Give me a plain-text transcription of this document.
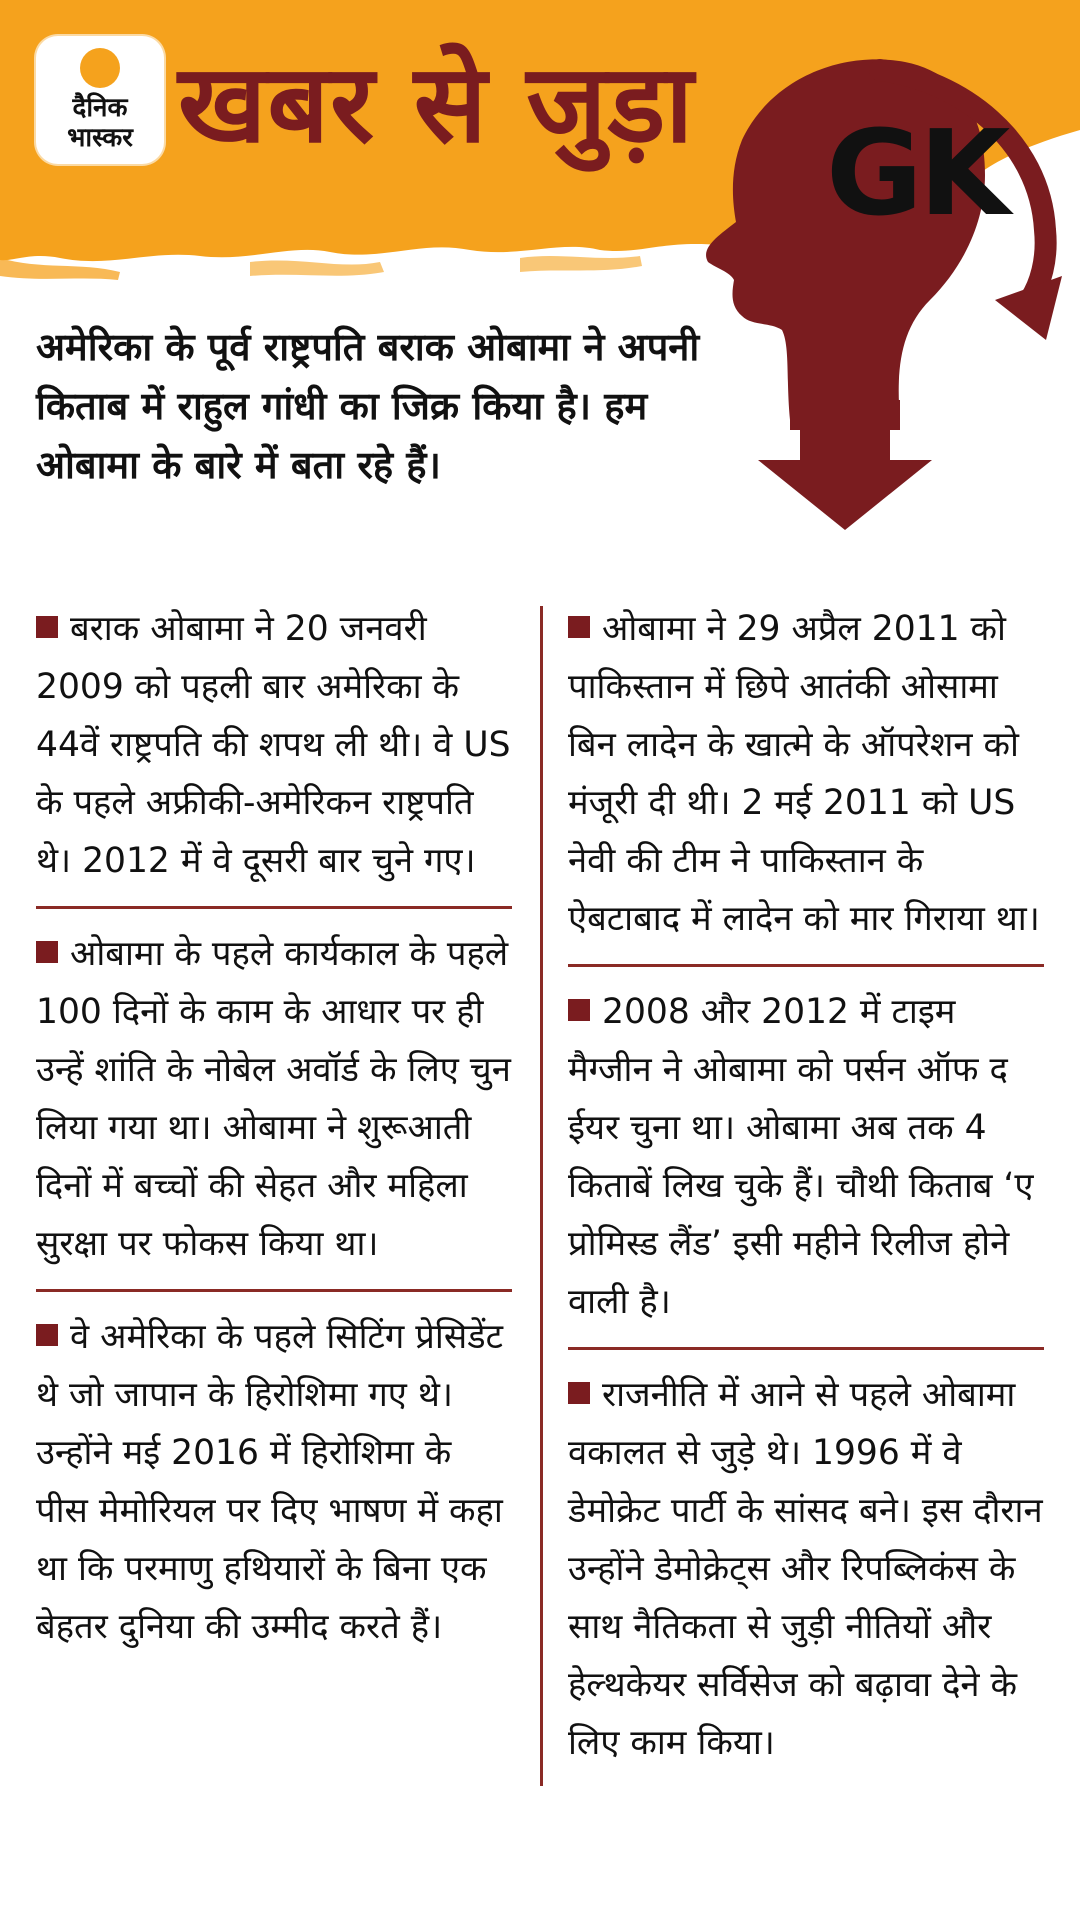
दैनिक
भास्कर खबर से जुड़ा GK
अमेरिका के पूर्व राष्ट्रपति बराक ओबामा ने अपनी किताब में राहुल गांधी का जिक्र किया है। हम ओबामा के बारे में बता रहे हैं।
बराक ओबामा ने 20 जनवरी 2009 को पहली बार अमेरिका के 44वें राष्ट्रपति की शपथ ली थी। वे US के पहले अफ्रीकी-अमेरिकन राष्ट्रपति थे। 2012 में वे दूसरी बार चुने गए।
ओबामा के पहले कार्यकाल के पहले 100 दिनों के काम के आधार पर ही उन्हें शांति के नोबेल अवॉर्ड के लिए चुन लिया गया था। ओबामा ने शुरूआती दिनों में बच्चों की सेहत और महिला सुरक्षा पर फोकस किया था।
वे अमेरिका के पहले सिटिंग प्रेसिडेंट थे जो जापान के हिरोशिमा गए थे। उन्होंने मई 2016 में हिरोशिमा के पीस मेमोरियल पर दिए भाषण में कहा था कि परमाणु हथियारों के बिना एक बेहतर दुनिया की उम्मीद करते हैं।
ओबामा ने 29 अप्रैल 2011 को पाकिस्तान में छिपे आतंकी ओसामा बिन लादेन के खात्मे के ऑपरेशन को मंजूरी दी थी। 2 मई 2011 को US नेवी की टीम ने पाकिस्तान के ऐबटाबाद में लादेन को मार गिराया था।
2008 और 2012 में टाइम मैग्जीन ने ओबामा को पर्सन ऑफ द ईयर चुना था। ओबामा अब तक 4 किताबें लिख चुके हैं। चौथी किताब ‘ए प्रोमिस्ड लैंड’ इसी महीने रिलीज होने वाली है।
राजनीति में आने से पहले ओबामा वकालत से जुड़े थे। 1996 में वे डेमोक्रेट पार्टी के सांसद बने। इस दौरान उन्होंने डेमोक्रेट्स और रिपब्लिकंस के साथ नैतिकता से जुड़ी नीतियों और हेल्थकेयर सर्विसेज को बढ़ावा देने के लिए काम किया।
